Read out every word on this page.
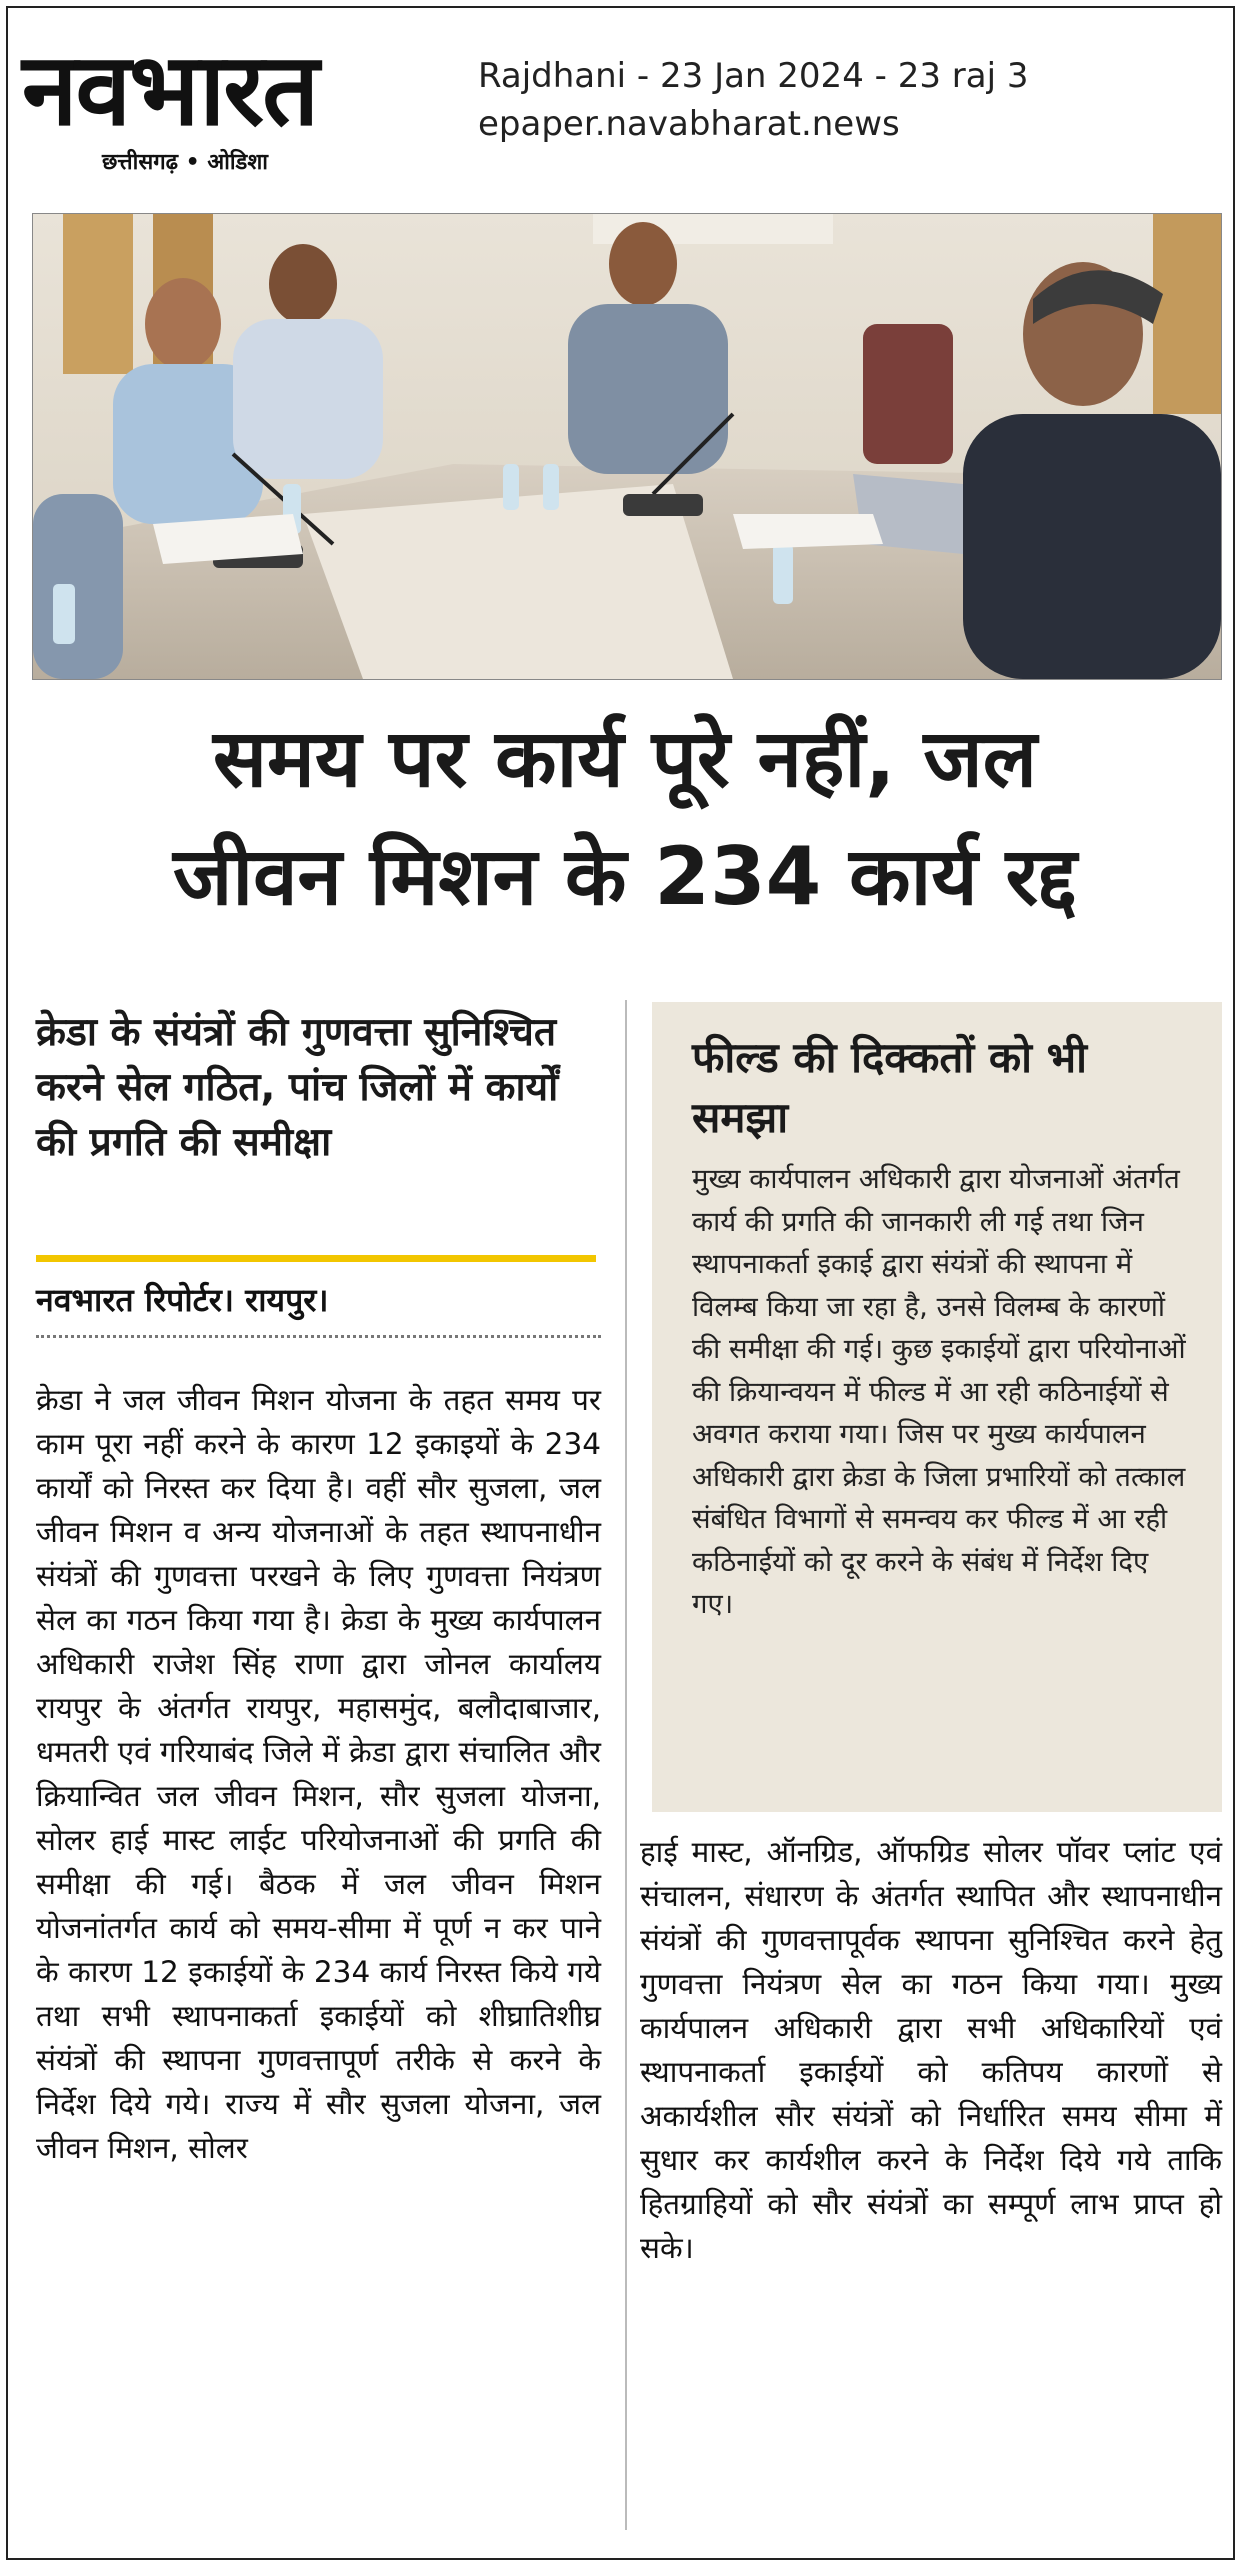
नवभारत
छत्तीसगढ़ • ओडिशा
Rajdhani - 23 Jan 2024 - 23 raj 3
epaper.navabharat.news
समय पर कार्य पूरे नहीं, जल
जीवन मिशन के 234 कार्य रद्द
क्रेडा के संयंत्रों की गुणवत्ता सुनिश्चित करने सेल गठित, पांच जिलों में कार्यों की प्रगति की समीक्षा
नवभारत रिपोर्टर। रायपुर।
क्रेडा ने जल जीवन मिशन योजना के तहत समय पर काम पूरा नहीं करने के कारण 12 इकाइयों के 234 कार्यों को निरस्त कर दिया है। वहीं सौर सुजला, जल जीवन मिशन व अन्य योजनाओं के तहत स्थापनाधीन संयंत्रों की गुणवत्ता परखने के लिए गुणवत्ता नियंत्रण सेल का गठन किया गया है। क्रेडा के मुख्य कार्यपालन अधिकारी राजेश सिंह राणा द्वारा जोनल कार्यालय रायपुर के अंतर्गत रायपुर, महासमुंद, बलौदाबाजार, धमतरी एवं गरियाबंद जिले में क्रेडा द्वारा संचालित और क्रियान्वित जल जीवन मिशन, सौर सुजला योजना, सोलर हाई मास्ट लाईट परियोजनाओं की प्रगति की समीक्षा की गई। बैठक में जल जीवन मिशन योजनांतर्गत कार्य को समय-सीमा में पूर्ण न कर पाने के कारण 12 इकाईयों के 234 कार्य निरस्त किये गये तथा सभी स्थापनाकर्ता इकाईयों को शीघ्रातिशीघ्र संयंत्रों की स्थापना गुणवत्तापूर्ण तरीके से करने के निर्देश दिये गये। राज्य में सौर सुजला योजना, जल जीवन मिशन, सोलर
फील्ड की दिक्कतों को भी समझा
मुख्य कार्यपालन अधिकारी द्वारा योजनाओं अंतर्गत कार्य की प्रगति की जानकारी ली गई तथा जिन स्थापनाकर्ता इकाई द्वारा संयंत्रों की स्थापना में विलम्ब किया जा रहा है, उनसे विलम्ब के कारणों की समीक्षा की गई। कुछ इकाईयों द्वारा परियोनाओं की क्रियान्वयन में फील्ड में आ रही कठिनाईयों से अवगत कराया गया। जिस पर मुख्य कार्यपालन अधिकारी द्वारा क्रेडा के जिला प्रभारियों को तत्काल संबंधित विभागों से समन्वय कर फील्ड में आ रही कठिनाईयों को दूर करने के संबंध में निर्देश दिए गए।
हाई मास्ट, ऑनग्रिड, ऑफग्रिड सोलर पॉवर प्लांट एवं संचालन, संधारण के अंतर्गत स्थापित और स्थापनाधीन संयंत्रों की गुणवत्तापूर्वक स्थापना सुनिश्चित करने हेतु गुणवत्ता नियंत्रण सेल का गठन किया गया। मुख्य कार्यपालन अधिकारी द्वारा सभी अधिकारियों एवं स्थापनाकर्ता इकाईयों को कतिपय कारणों से अकार्यशील सौर संयंत्रों को निर्धारित समय सीमा में सुधार कर कार्यशील करने के निर्देश दिये गये ताकि हितग्राहियों को सौर संयंत्रों का सम्पूर्ण लाभ प्राप्त हो सके।
